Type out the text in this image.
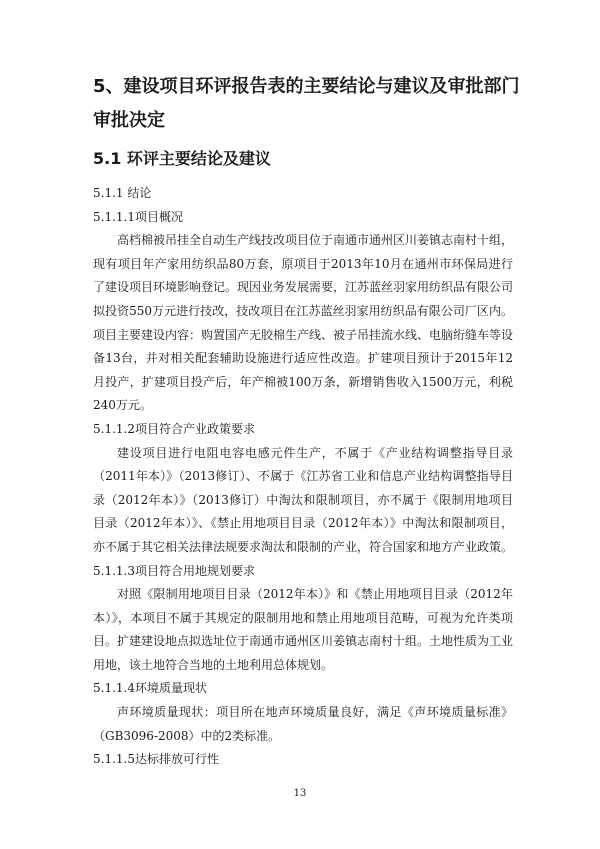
5、建设项目环评报告表的主要结论与建议及审批部门审批决定
5.1 环评主要结论及建议

5.1.1 结论

5.1.1.1项目概况

高档棉被吊挂全自动生产线技改项目位于南通市通州区川姜镇志南村十组，现有项目年产家用纺织品80万套，原项目于2013年10月在通州市环保局进行了建设项目环境影响登记。现因业务发展需要，江苏蓝丝羽家用纺织品有限公司拟投资550万元进行技改，技改项目在江苏蓝丝羽家用纺织品有限公司厂区内。项目主要建设内容：购置国产无胶棉生产线、被子吊挂流水线、电脑绗缝车等设备13台，并对相关配套辅助设施进行适应性改造。扩建项目预计于2015年12月投产，扩建项目投产后，年产棉被100万条，新增销售收入1500万元，利税240万元。

5.1.1.2项目符合产业政策要求

建设项目进行电阻电容电感元件生产，不属于《产业结构调整指导目录（2011年本）》（2013修订）、不属于《江苏省工业和信息产业结构调整指导目录（2012年本）》（2013修订）中淘汰和限制项目，亦不属于《限制用地项目目录（2012年本）》、《禁止用地项目目录（2012年本）》中淘汰和限制项目，亦不属于其它相关法律法规要求淘汰和限制的产业，符合国家和地方产业政策。

5.1.1.3项目符合用地规划要求

对照《限制用地项目目录（2012年本）》和《禁止用地项目目录（2012年本）》，本项目不属于其规定的限制用地和禁止用地项目范畴，可视为允许类项目。扩建建设地点拟选址位于南通市通州区川姜镇志南村十组。土地性质为工业用地，该土地符合当地的土地利用总体规划。

5.1.1.4环境质量现状

声环境质量现状：项目所在地声环境质量良好，满足《声环境质量标准》（GB3096-2008）中的2类标准。

5.1.1.5达标排放可行性

13
